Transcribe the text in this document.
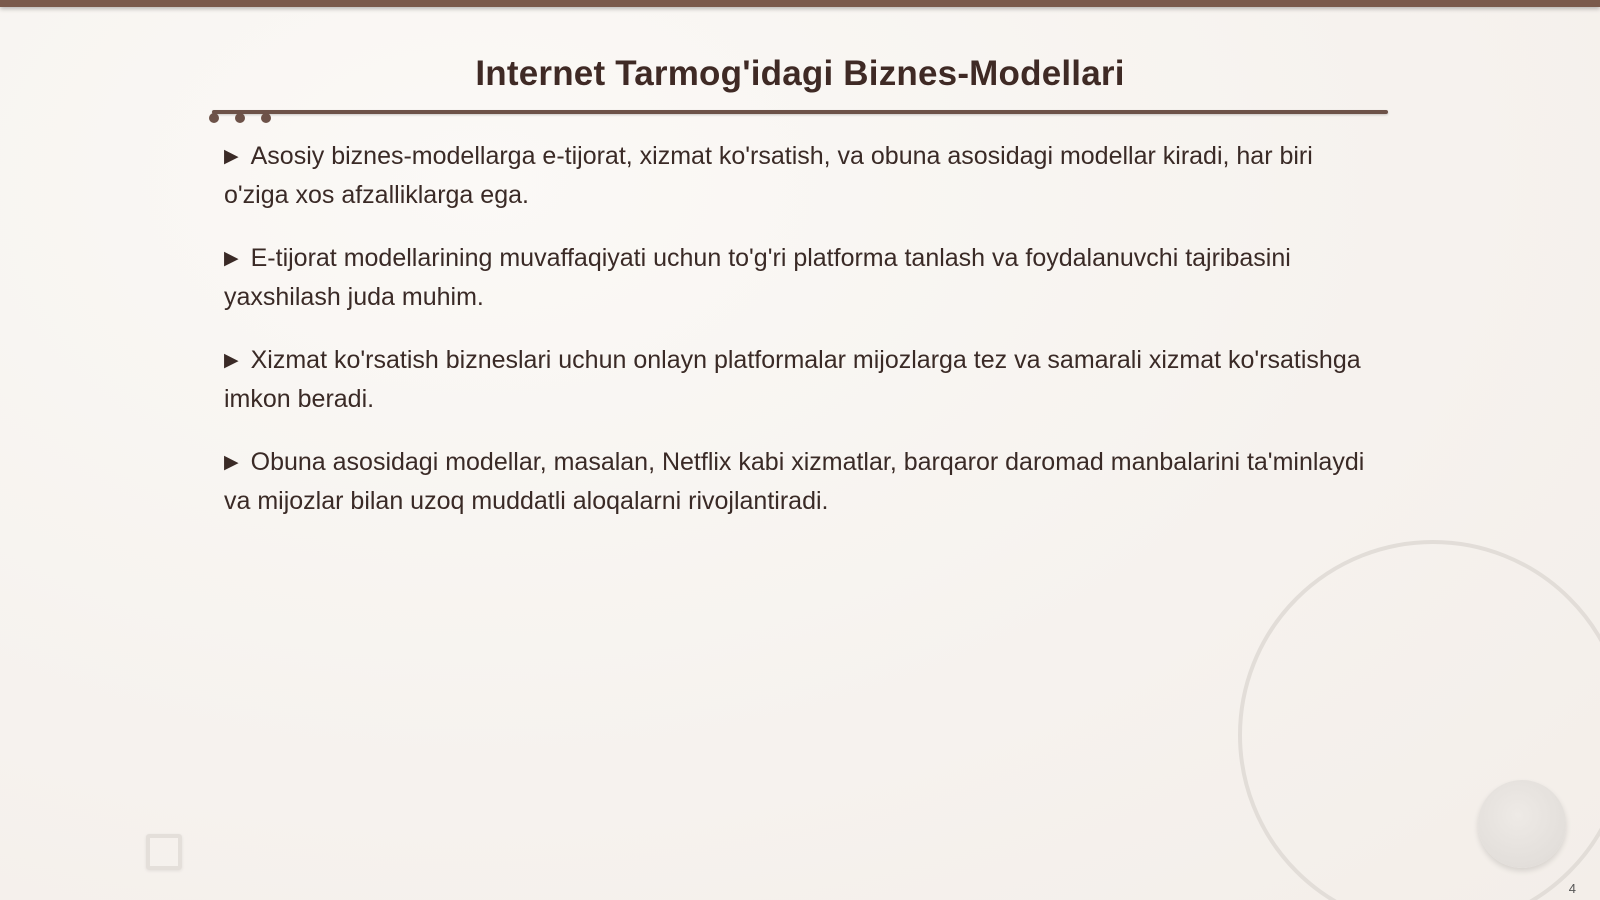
Internet Tarmog'idagi Biznes-Modellari
▶ Asosiy biznes-modellarga e-tijorat, xizmat ko'rsatish, va obuna asosidagi modellar kiradi, har biri o'ziga xos afzalliklarga ega.
▶ E-tijorat modellarining muvaffaqiyati uchun to'g'ri platforma tanlash va foydalanuvchi tajribasini yaxshilash juda muhim.
▶ Xizmat ko'rsatish bizneslari uchun onlayn platformalar mijozlarga tez va samarali xizmat ko'rsatishga imkon beradi.
▶ Obuna asosidagi modellar, masalan, Netflix kabi xizmatlar, barqaror daromad manbalarini ta'minlaydi va mijozlar bilan uzoq muddatli aloqalarni rivojlantiradi.
4
